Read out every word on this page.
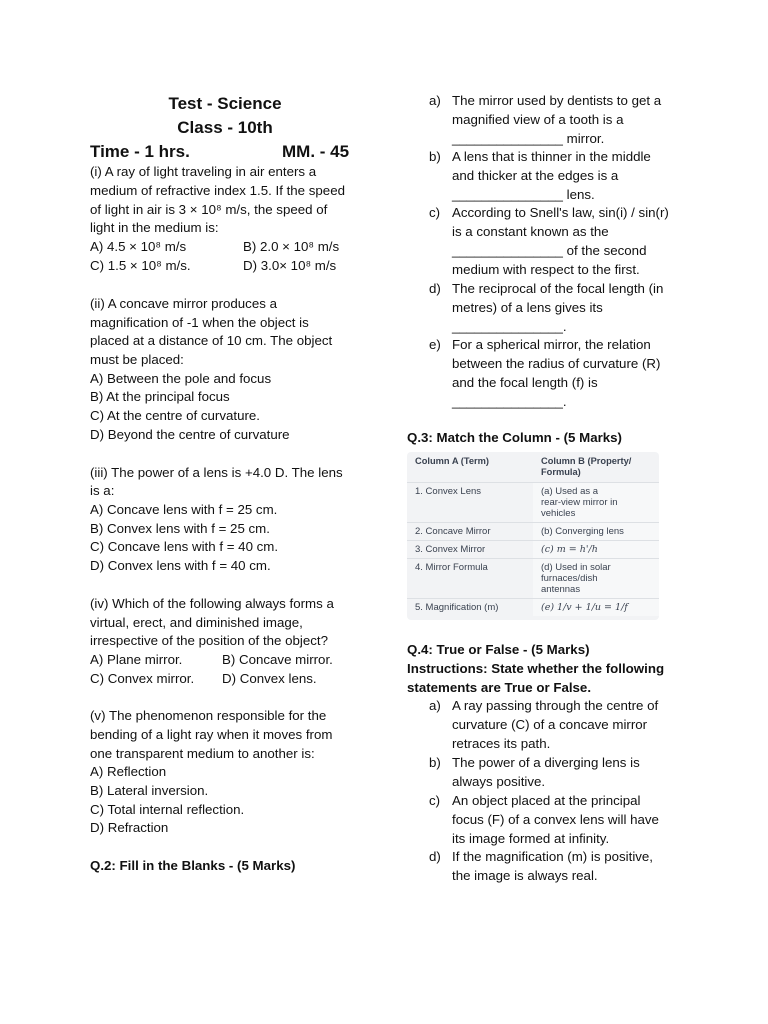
Test - Science
Class - 10th
Time - 1 hrs.	MM. - 45
(i) A ray of light traveling in air enters a
medium of refractive index 1.5. If the speed
of light in air is 3 × 10⁸ m/s, the speed of
light in the medium is:
A) 4.5 × 10⁸ m/s	B) 2.0 × 10⁸ m/s
C) 1.5 × 10⁸ m/s.	D) 3.0× 10⁸ m/s
(ii) A concave mirror produces a
magnification of -1 when the object is
placed at a distance of 10 cm. The object
must be placed:
A) Between the pole and focus
B) At the principal focus
C) At the centre of curvature.
D) Beyond the centre of curvature
(iii) The power of a lens is +4.0 D. The lens
is a:
A) Concave lens with f = 25 cm.
B) Convex lens with f = 25 cm.
C) Concave lens with f = 40 cm.
D) Convex lens with f = 40 cm.
(iv) Which of the following always forms a
virtual, erect, and diminished image,
irrespective of the position of the object?
A) Plane mirror.	B) Concave mirror.
C) Convex mirror. D) Convex lens.
(v) The phenomenon responsible for the
bending of a light ray when it moves from
one transparent medium to another is:
A) Reflection
B) Lateral inversion.
C) Total internal reflection.
D) Refraction
Q.2: Fill in the Blanks - (5 Marks)
a) The mirror used by dentists to get a
magnified view of a tooth is a
_______________ mirror.
b) A lens that is thinner in the middle
and thicker at the edges is a
_______________ lens.
c) According to Snell's law, sin(i) / sin(r)
is a constant known as the
_______________ of the second
medium with respect to the first.
d) The reciprocal of the focal length (in
metres) of a lens gives its
_______________.
e) For a spherical mirror, the relation
between the radius of curvature (R)
and the focal length (f) is
_______________.
Q.3: Match the Column - (5 Marks)
Column A (Term)	Column B (Property/
Formula)
1. Convex Lens	(a) Used as a
rear-view mirror in
vehicles
2. Concave Mirror	(b) Converging lens
3. Convex Mirror	(c) m = h'/h
4. Mirror Formula	(d) Used in solar
furnaces/dish
antennas
5. Magnification (m)	(e) 1/v + 1/u = 1/f
Q.4: True or False - (5 Marks)
Instructions: State whether the following
statements are True or False.
a) A ray passing through the centre of
curvature (C) of a concave mirror
retraces its path.
b) The power of a diverging lens is
always positive.
c) An object placed at the principal
focus (F) of a convex lens will have
its image formed at infinity.
d) If the magnification (m) is positive,
the image is always real.
